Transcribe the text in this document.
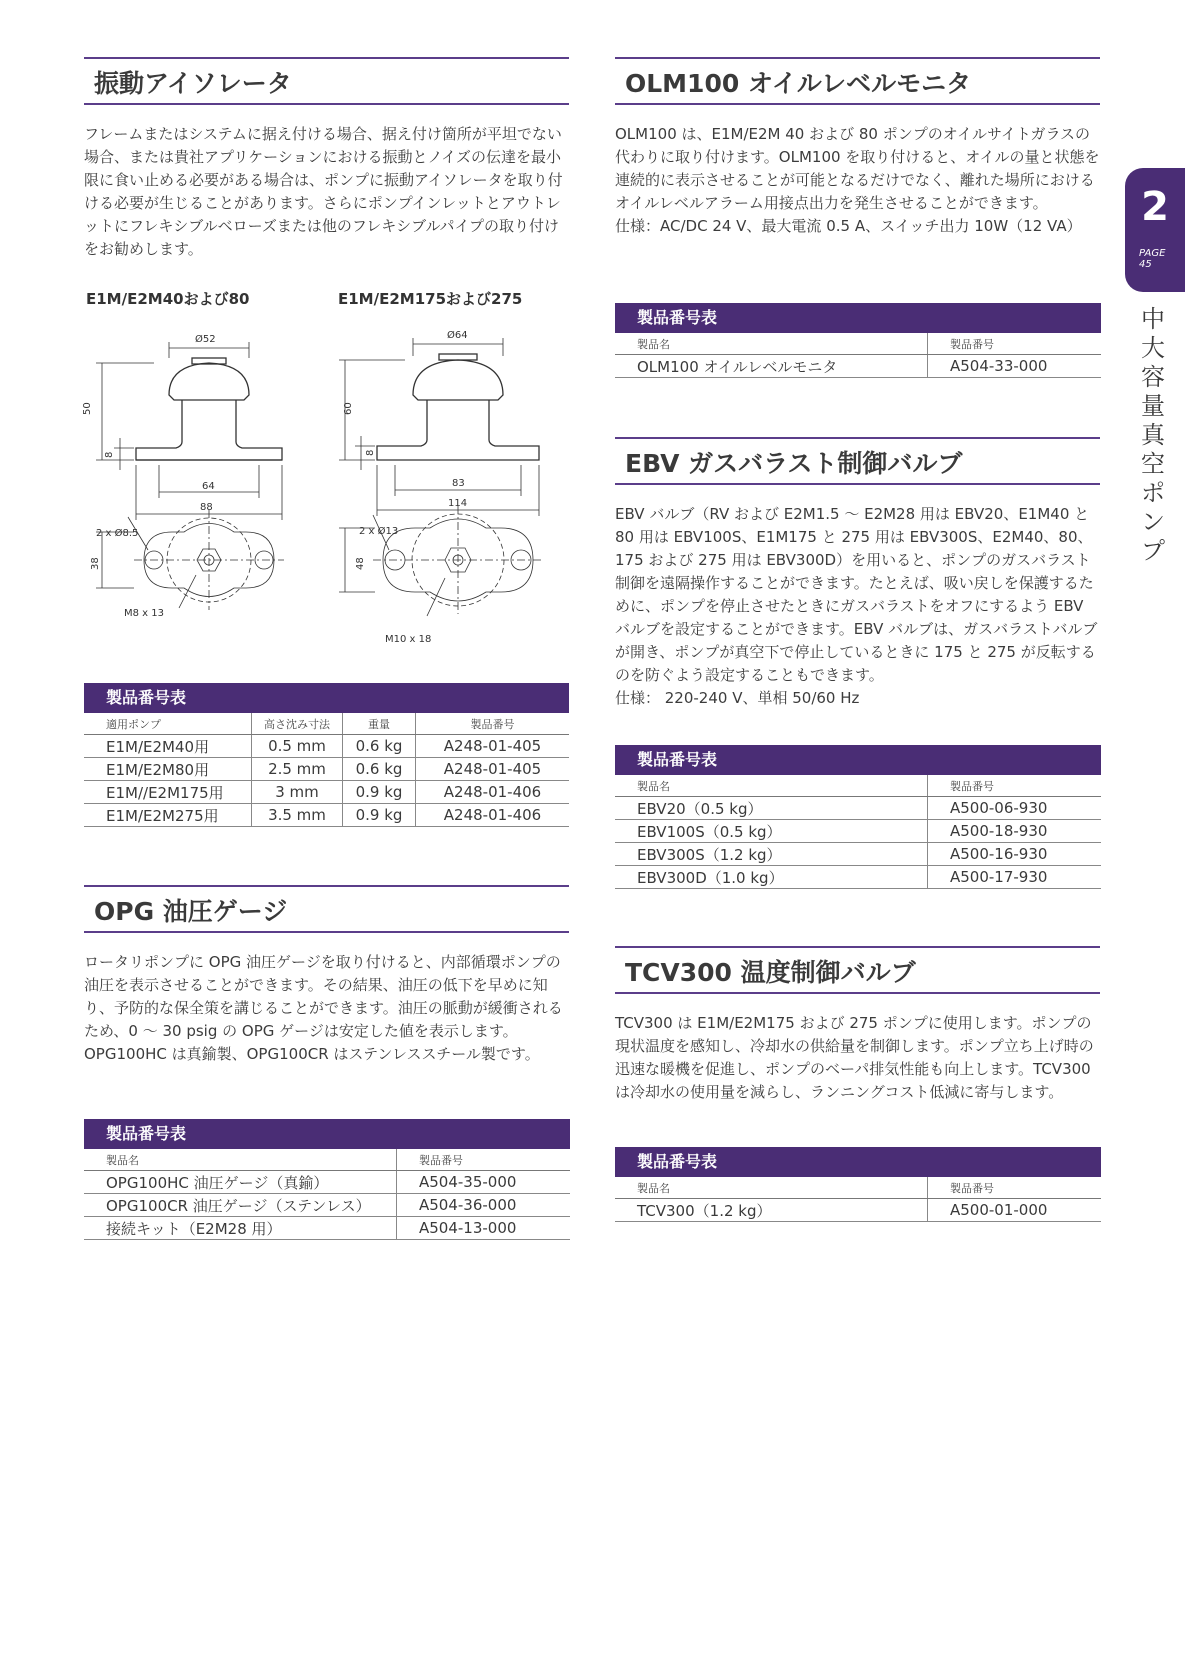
振動アイソレータ
フレームまたはシステムに据え付ける場合、据え付け箇所が平坦でない場合、または貴社アプリケーションにおける振動とノイズの伝達を最小限に食い止める必要がある場合は、ポンプに振動アイソレータを取り付ける必要が生じることがあります。さらにポンプインレットとアウトレットにフレキシブルベローズまたは他のフレキシブルパイプの取り付けをお勧めします。
E1M/E2M40および80	E1M/E2M175および275
Ø52
50
8
64
88
2 x Ø8.5
38
M8 x 13
Ø64
60
8
83
114
2 x Ø13
48
M10 x 18
製品番号表
適用ポンプ	高さ沈み寸法	重量	製品番号
E1M/E2M40用	0.5 mm	0.6 kg	A248-01-405
E1M/E2M80用	2.5 mm	0.6 kg	A248-01-405
E1M//E2M175用	3 mm	0.9 kg	A248-01-406
E1M/E2M275用	3.5 mm	0.9 kg	A248-01-406
OPG 油圧ゲージ
ロータリポンプに OPG 油圧ゲージを取り付けると、内部循環ポンプの油圧を表示させることができます。その結果、油圧の低下を早めに知り、予防的な保全策を講じることができます。油圧の脈動が緩衝されるため、0 ～ 30 psig の OPG ゲージは安定した値を表示します。OPG100HC は真鍮製、OPG100CR はステンレススチール製です。
製品番号表
製品名	製品番号
OPG100HC 油圧ゲージ（真鍮）	A504-35-000
OPG100CR 油圧ゲージ（ステンレス）	A504-36-000
接続キット（E2M28 用）	A504-13-000
OLM100 オイルレベルモニタ

OLM100 は、E1M/E2M 40 および 80 ポンプのオイルサイトガラスの代わりに取り付けます。OLM100 を取り付けると、オイルの量と状態を連続的に表示させることが可能となるだけでなく、離れた場所におけるオイルレベルアラーム用接点出力を発生させることができます。

仕様：AC/DC 24 V、最大電流 0.5 A、スイッチ出力 10W（12 VA）

製品番号表
製品名	製品番号
OLM100 オイルレベルモニタ	A504-33-000
EBV ガスバラスト制御バルブ

EBV バルブ（RV および E2M1.5 ～ E2M28 用は EBV20、E1M40 と 80 用は EBV100S、E1M175 と 275 用は EBV300S、E2M40、80、175 および 275 用は EBV300D）を用いると、ポンプのガスバラスト制御を遠隔操作することができます。たとえば、吸い戻しを保護するために、ポンプを停止させたときにガスバラストをオフにするよう EBV バルブを設定することができます。EBV バルブは、ガスバラストバルブが開き、ポンプが真空下で停止しているときに 175 と 275 が反転するのを防ぐよう設定することもできます。

仕様： 220-240 V、単相 50/60 Hz

製品番号表
製品名	製品番号
EBV20（0.5 kg）	A500-06-930
EBV100S（0.5 kg）	A500-18-930
EBV300S（1.2 kg）	A500-16-930
EBV300D（1.0 kg）	A500-17-930
TCV300 温度制御バルブ
TCV300 は E1M/E2M175 および 275 ポンプに使用します。ポンプの現状温度を感知し、冷却水の供給量を制御します。ポンプ立ち上げ時の迅速な暖機を促進し、ポンプのベーパ排気性能も向上します。TCV300 は冷却水の使用量を減らし、ランニングコスト低減に寄与します。
製品番号表
製品名	製品番号
TCV300（1.2 kg）	A500-01-000
2
PAGE
45
中
大
容
量
真
空
ポ
ン
プ
